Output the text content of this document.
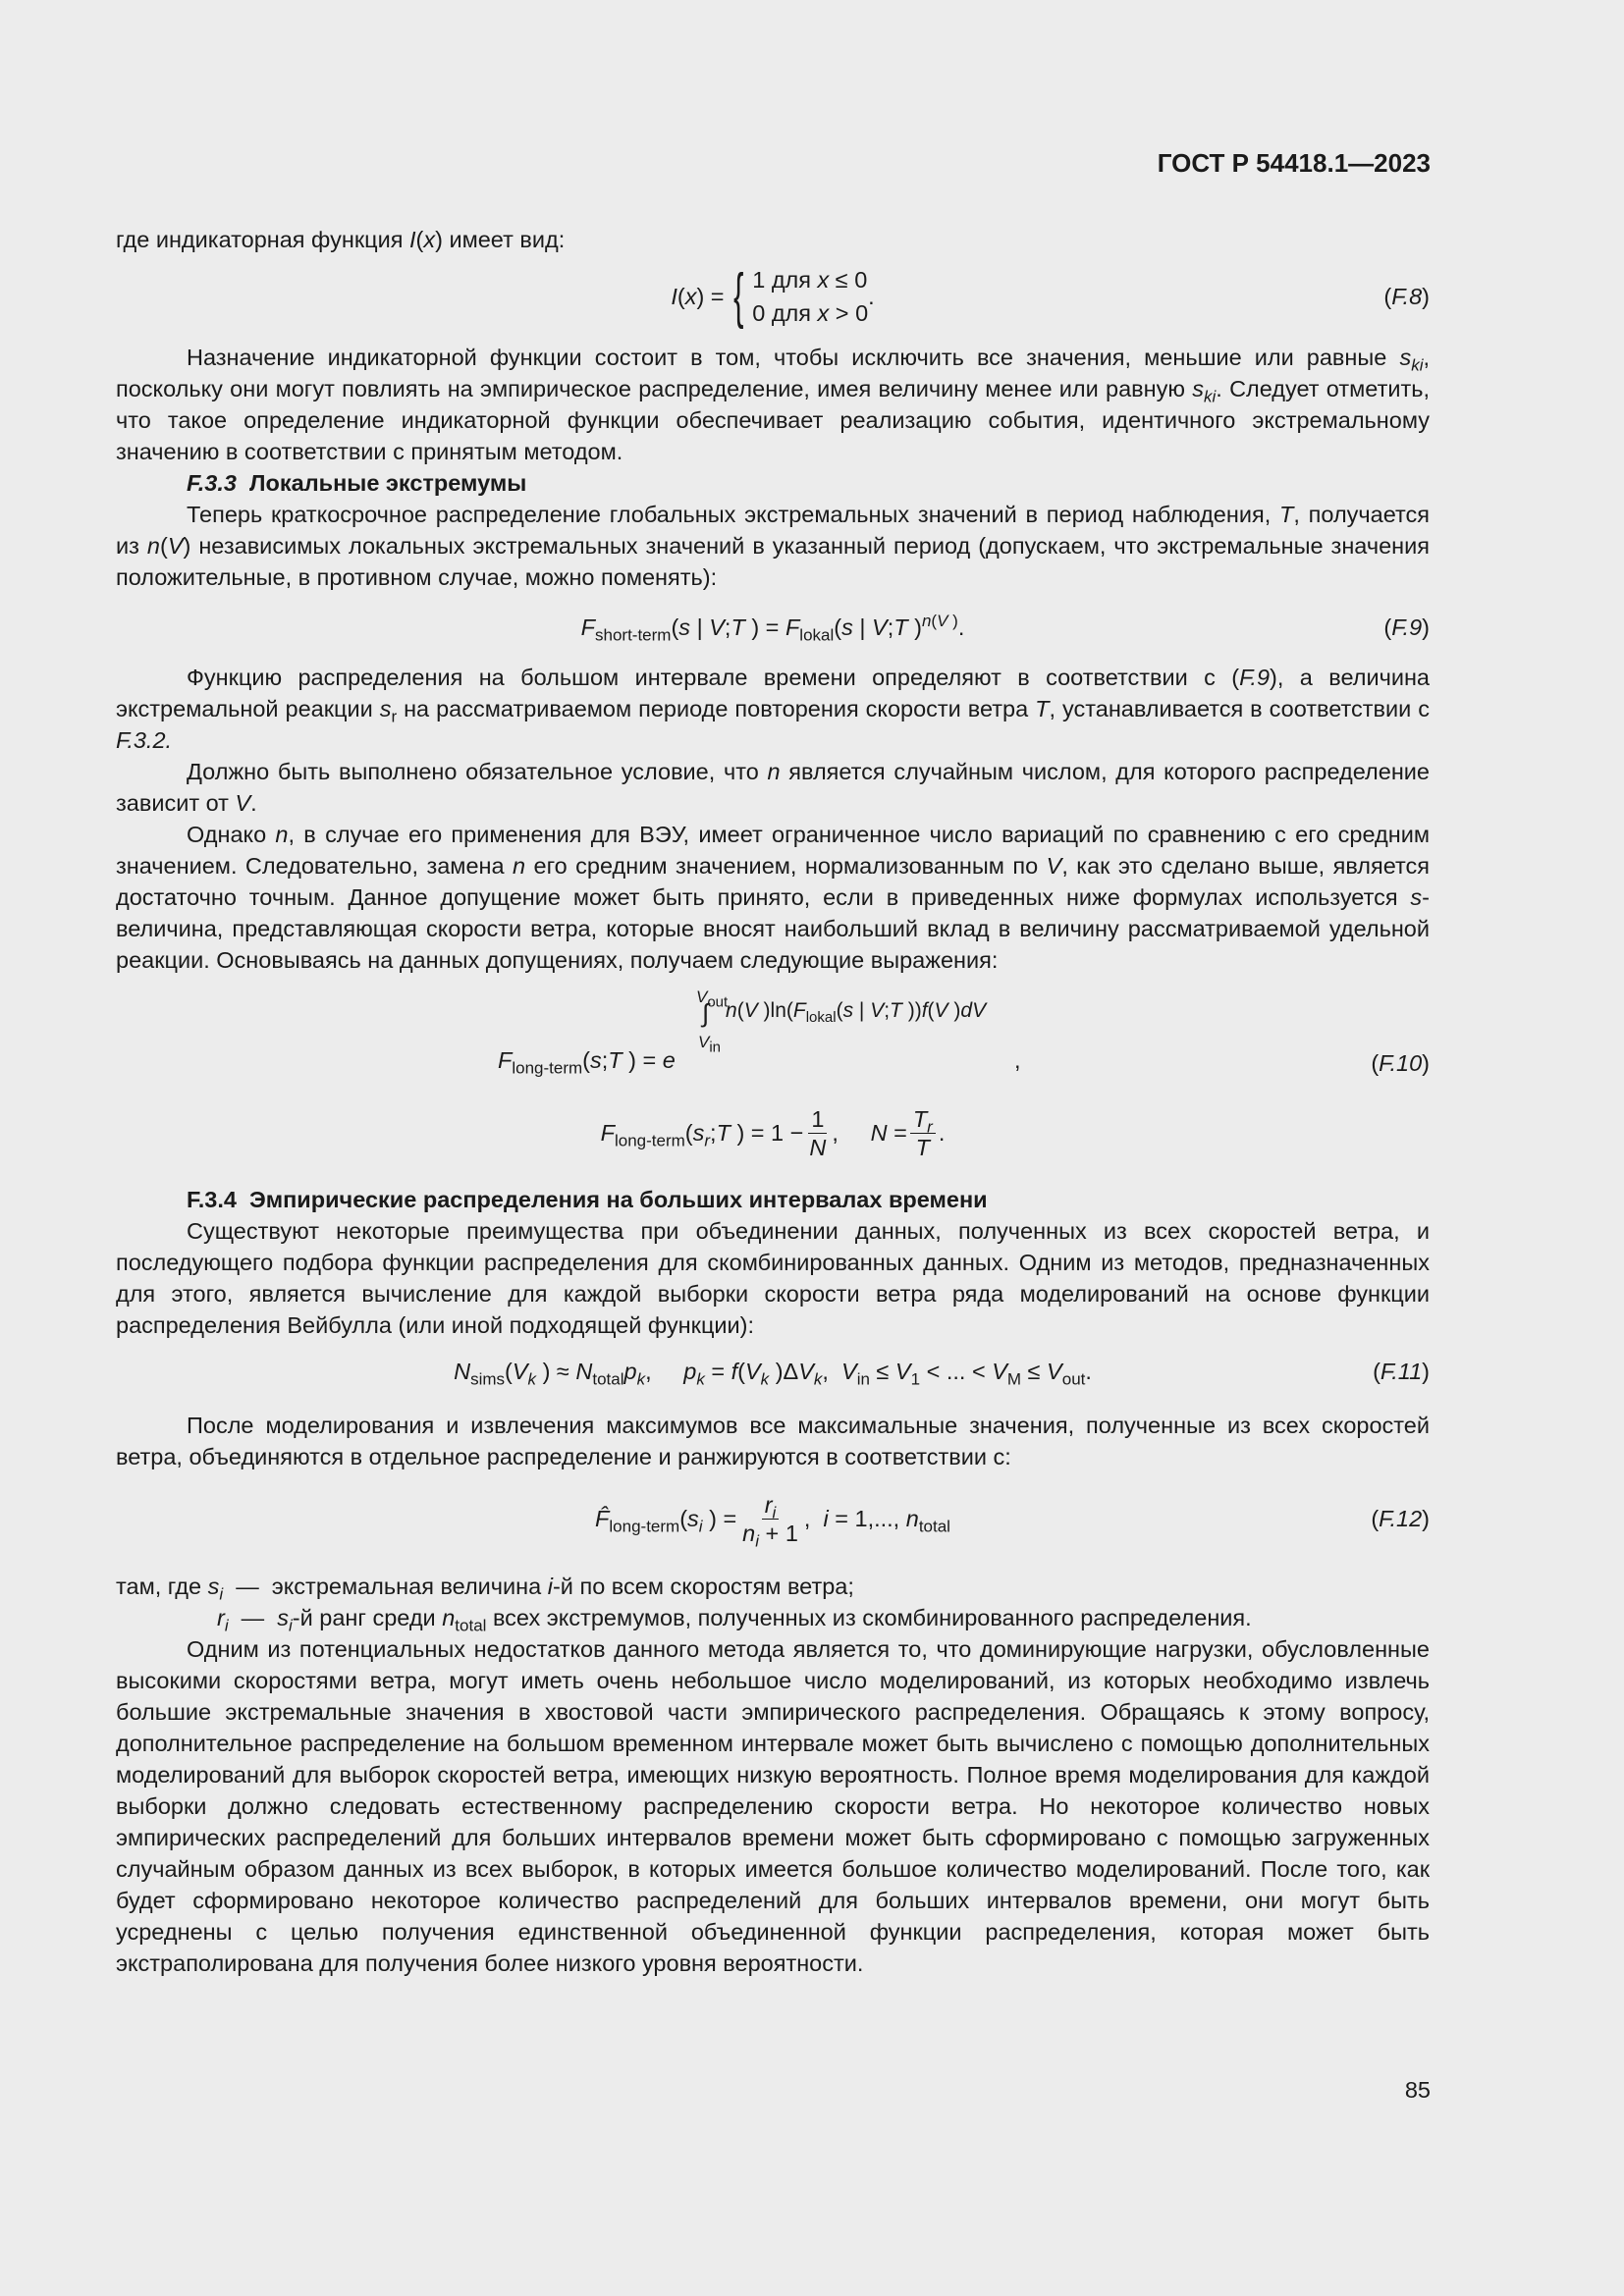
ГОСТ Р 54418.1—2023

где индикаторная функция I(x) имеет вид:

I(x) = { 1 для x ≤ 0
0 для x > 0
.	(F.8)

Назначение индикаторной функции состоит в том, чтобы исключить все значения, меньшие или равные $s_{ki}$, поскольку они могут повлиять на эмпирическое распределение, имея величину менее или равную $s_{ki}$. Следует отметить, что такое определение индикаторной функции обеспечивает реализацию события, идентичного экстремальному значению в соответствии с принятым методом.

F.3.3 Локальные экстремумы

Теперь краткосрочное распределение глобальных экстремальных значений в период наблюдения, T, получается из n(V) независимых локальных экстремальных значений в указанный период (допускаем, что экстремальные значения положительные, в противном случае, можно поменять):

$F_{short-term}(s$ | V;T ) = $F_{lokal}(s$ | V;T )$^{n(V )}$.	(F.9)

Функцию распределения на большом интервале времени определяют в соответствии с (F.9), а величина экстремальной реакции $s_r$ на рассматриваемом периоде повторения скорости ветра T, устанавливается в соответствии с F.3.2.

Должно быть выполнено обязательное условие, что n является случайным числом, для которого распределение зависит от V.

Однако n, в случае его применения для ВЭУ, имеет ограниченное число вариаций по сравнению с его средним значением. Следовательно, замена n его средним значением, нормализованным по V, как это сделано выше, является достаточно точным. Данное допущение может быть принято, если в приведенных ниже формулах используется s-величина, представляющая скорости ветра, которые вносят наибольший вклад в величину рассматриваемой удельной реакции. Основываясь на данных допущениях, получаем следующие выражения:

$F_{long-term}(s;T$ ) = e
$V_{out}$
∫
$V_{in}$
n(V )$\ln(F_{lokal}(s$ | V;T ))f(V )dV
,	(F.10)
$F_{long-term}(s_r;T$ ) = $1 - \frac{1}{N}$ ,     $N = \frac{T_r}{T}$ .
F.3.4 Эмпирические распределения на больших интервалах времени

Существуют некоторые преимущества при объединении данных, полученных из всех скоростей ветра, и последующего подбора функции распределения для скомбинированных данных. Одним из методов, предназначенных для этого, является вычисление для каждой выборки скорости ветра ряда моделирований на основе функции распределения Вейбулла (или иной подходящей функции):

$N_{sims}(V_k$ ) ≈ $N_{total}p_k$,     $p_k = f(V_k$ )$\Delta V_k$,  $V_{in} \le V_1$ < ... < $V_M \le V_{out}$.	(F.11)

После моделирования и извлечения максимумов все максимальные значения, полученные из всех скоростей ветра, объединяются в отдельное распределение и ранжируются в соответствии с:

$F̂_{long-term}(s_i$ ) = $\frac{r_i}{n_i + 1}$ ,  i = 1,..., $n_{total}$	(F.12)

там, где $s_i$  —  экстремальная величина i-й по всем скоростям ветра;

$r_i$  —  $s_i-й$ ранг среди $n_{total}$ всех экстремумов, полученных из скомбинированного распределения.

Одним из потенциальных недостатков данного метода является то, что доминирующие нагрузки, обусловленные высокими скоростями ветра, могут иметь очень небольшое число моделирований, из которых необходимо извлечь большие экстремальные значения в хвостовой части эмпирического распределения. Обращаясь к этому вопросу, дополнительное распределение на большом временном интервале может быть вычислено с помощью дополнительных моделирований для выборок скоростей ветра, имеющих низкую вероятность. Полное время моделирования для каждой выборки должно следовать естественному распределению скорости ветра. Но некоторое количество новых эмпирических распределений для больших интервалов времени может быть сформировано с помощью загруженных случайным образом данных из всех выборок, в которых имеется большое количество моделирований. После того, как будет сформировано некоторое количество распределений для больших интервалов времени, они могут быть усреднены с целью получения единственной объединенной функции распределения, которая может быть экстраполирована для получения более низкого уровня вероятности.

85
